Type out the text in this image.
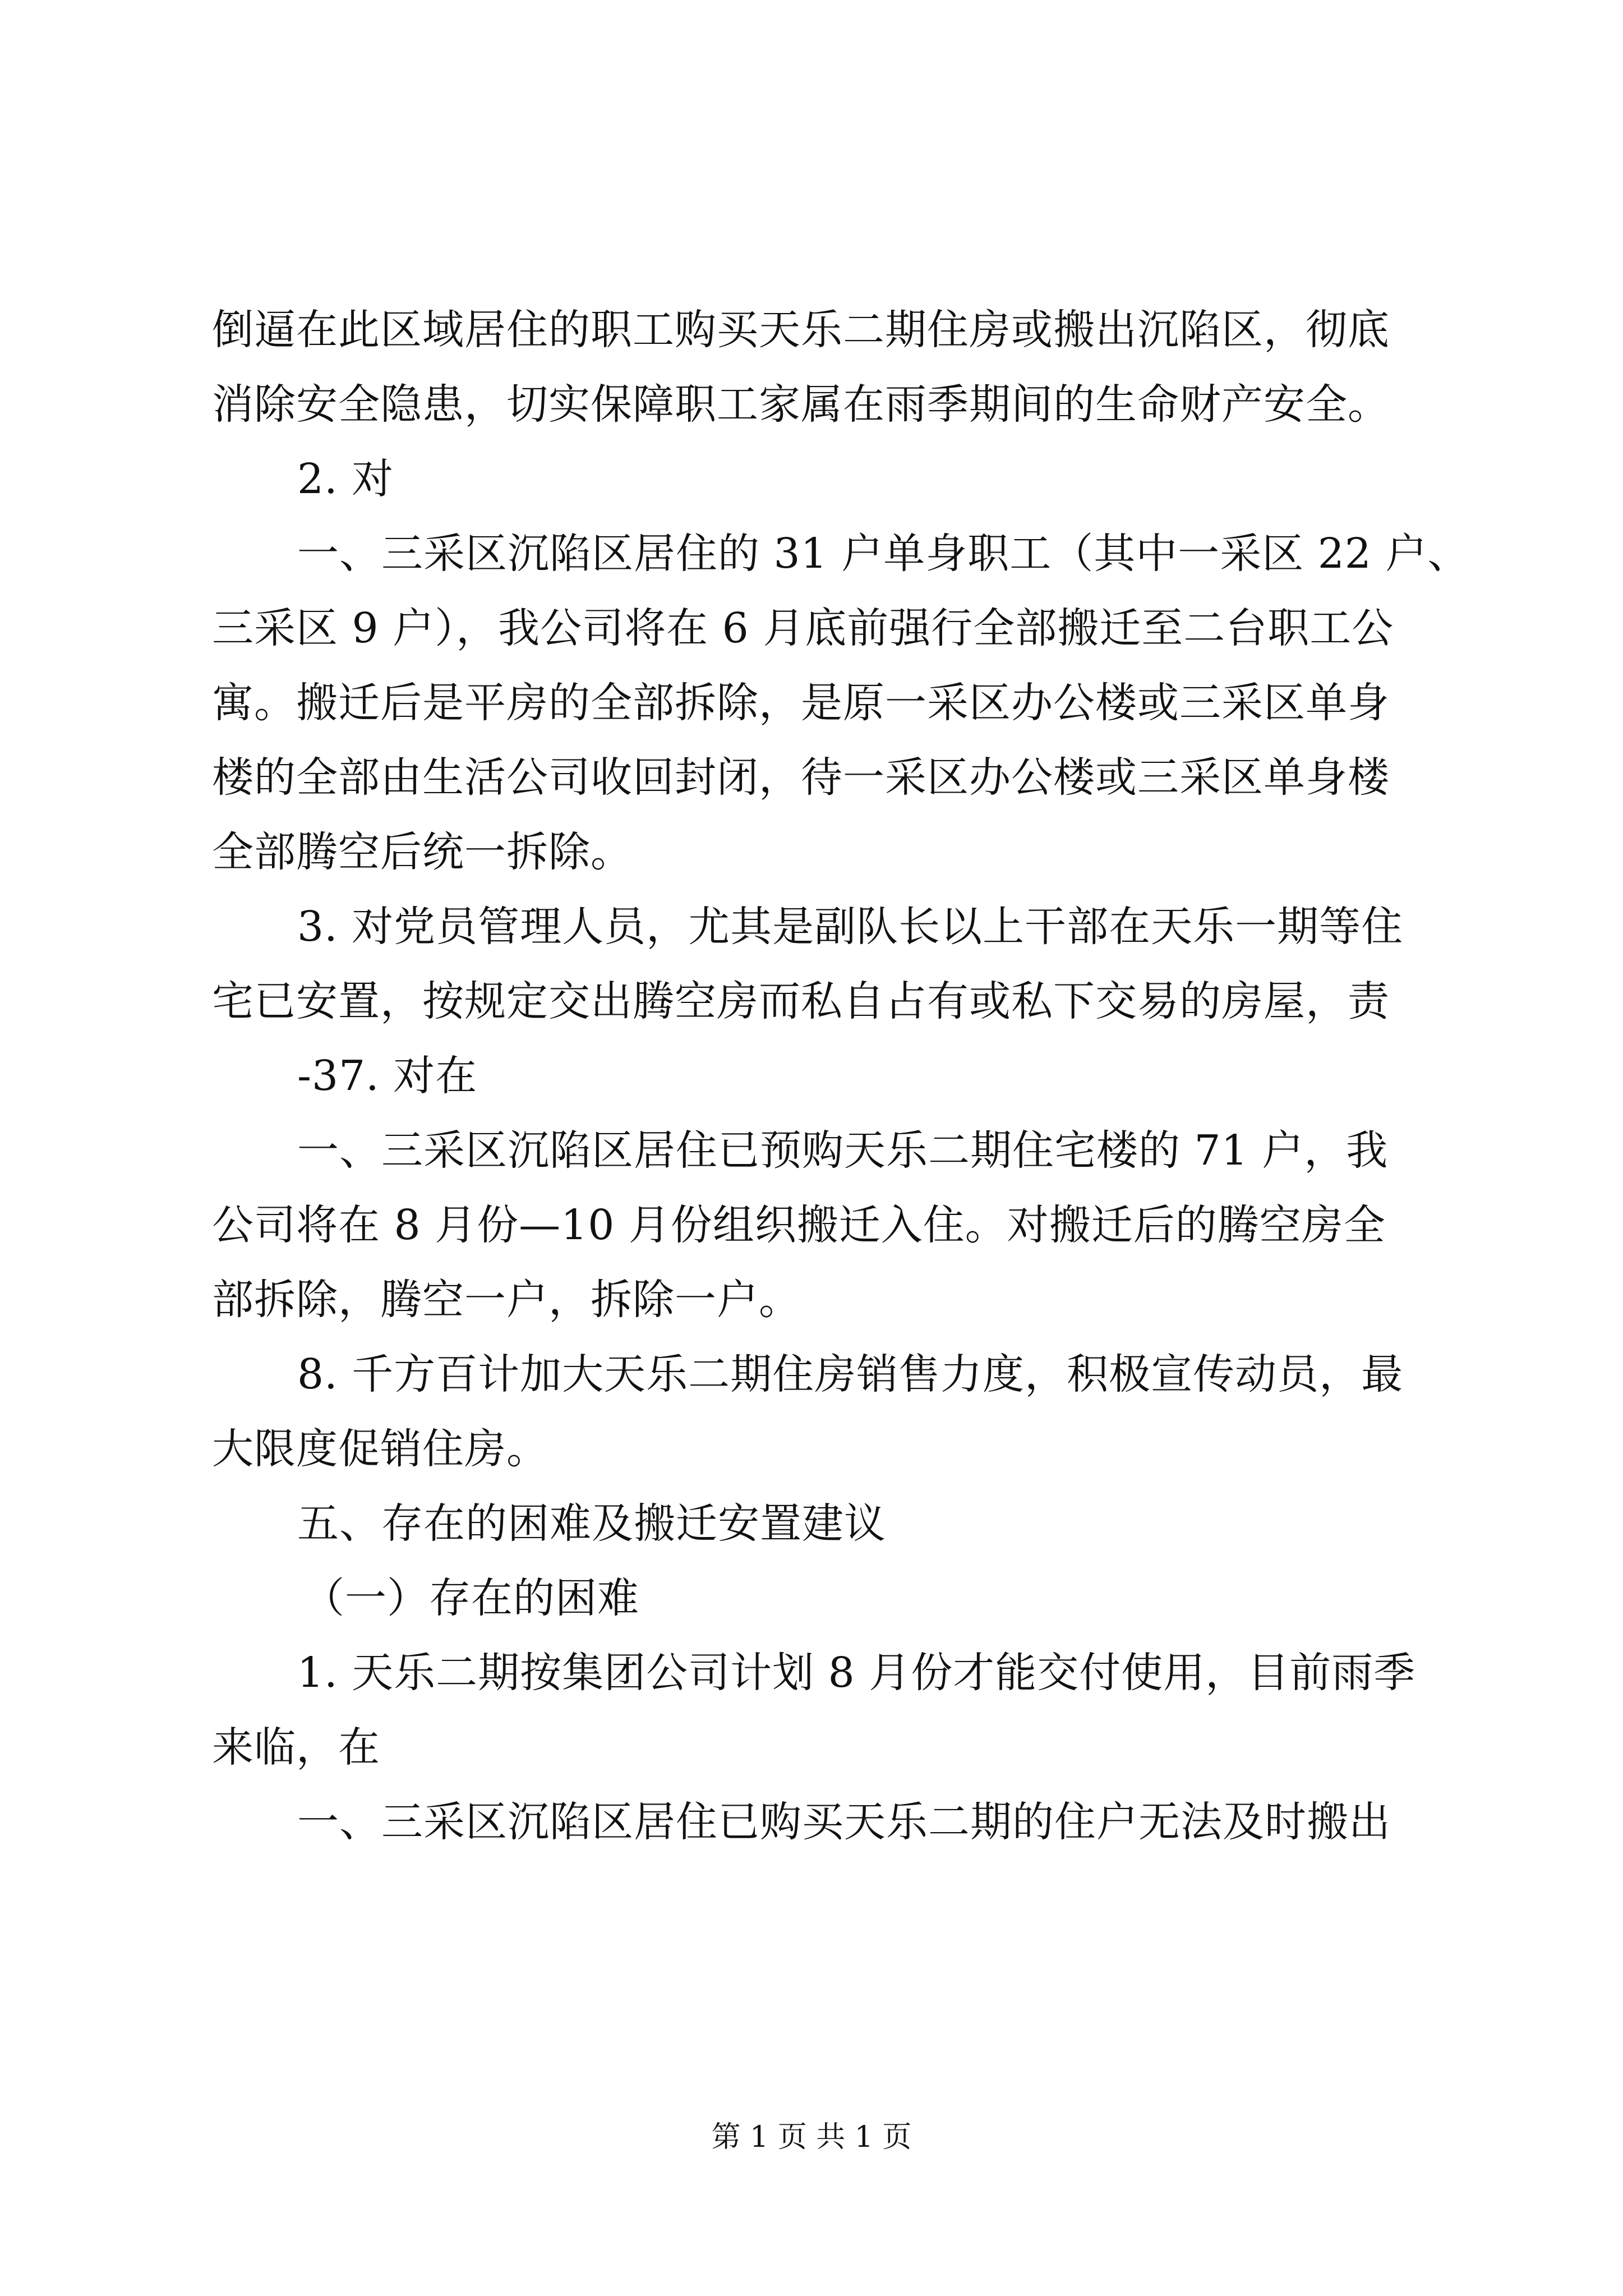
倒逼在此区域居住的职工购买天乐二期住房或搬出沉陷区，彻底
消除安全隐患，切实保障职工家属在雨季期间的生命财产安全。
2. 对
一、三采区沉陷区居住的 31 户单身职工（其中一采区 22 户、
三采区 9 户），我公司将在 6 月底前强行全部搬迁至二台职工公
寓。搬迁后是平房的全部拆除，是原一采区办公楼或三采区单身
楼的全部由生活公司收回封闭，待一采区办公楼或三采区单身楼
全部腾空后统一拆除。
3. 对党员管理人员，尤其是副队长以上干部在天乐一期等住
宅已安置，按规定交出腾空房而私自占有或私下交易的房屋，责
-37. 对在
一、三采区沉陷区居住已预购天乐二期住宅楼的 71 户，我
公司将在 8 月份—10 月份组织搬迁入住。对搬迁后的腾空房全
部拆除，腾空一户，拆除一户。
8. 千方百计加大天乐二期住房销售力度，积极宣传动员，最
大限度促销住房。
五、存在的困难及搬迁安置建议
（一）存在的困难
1. 天乐二期按集团公司计划 8 月份才能交付使用，目前雨季
来临，在
一、三采区沉陷区居住已购买天乐二期的住户无法及时搬出
第 1 页 共 1 页
